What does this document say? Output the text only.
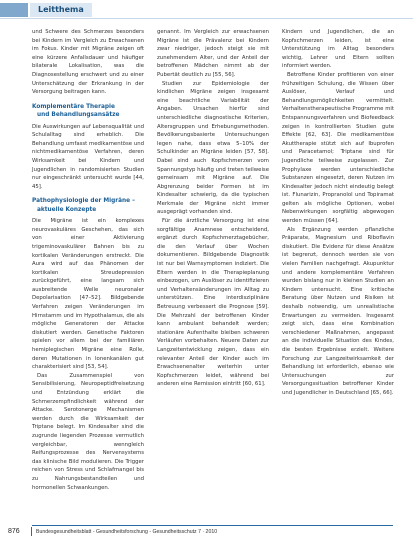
Leitthema

und Schwere des Schmerzes besonders bei Kindern im Vergleich zu Erwachsenen im Fokus. Kinder mit Migräne zeigen oft eine kürzere Anfallsdauer und häufiger bilaterale Lokalisation, was die Diagnosestellung erschwert und zu einer Unterschätzung der Erkrankung in der Versorgung beitragen kann.

Komplementäre Therapie

und Behandlungsansätze

Die Auswirkungen auf Lebensqualität und Schulalltag sind erheblich. Die Behandlung umfasst medikamentöse und nichtmedikamentöse Verfahren, deren Wirksamkeit bei Kindern und Jugendlichen in randomisierten Studien nur eingeschränkt untersucht wurde [44, 45].

Pathophysiologie der Migräne –

aktuelle Konzepte

Die Migräne ist ein komplexes neurovaskuläres Geschehen, das sich von einer Aktivierung trigeminovaskulärer Bahnen bis zu kortikalen Veränderungen erstreckt. Die Aura wird auf das Phänomen der kortikalen Streudepression zurückgeführt, eine langsam sich ausbreitende Welle neuronaler Depolarisation [47–52]. Bildgebende Verfahren zeigen Veränderungen im Hirnstamm und im Hypothalamus, die als mögliche Generatoren der Attacke diskutiert werden. Genetische Faktoren spielen vor allem bei der familiären hemiplegischen Migräne eine Rolle, deren Mutationen in Ionenkanälen gut charakterisiert sind [53, 54].

Das Zusammenspiel von Sensibilisierung, Neuropeptidfreisetzung und Entzündung erklärt die Schmerzempfindlichkeit während der Attacke. Serotonerge Mechanismen werden durch die Wirksamkeit der Triptane belegt. Im Kindesalter sind die zugrunde liegenden Prozesse vermutlich vergleichbar, wenngleich Reifungsprozesse des Nervensystems das klinische Bild modulieren. Die Trigger reichen von Stress und Schlafmangel bis zu Nahrungsbestandteilen und hormonellen Schwankungen.

genannt. Im Vergleich zur erwachsenen Migräne ist die Prävalenz bei Kindern zwar niedriger, jedoch steigt sie mit zunehmendem Alter, und der Anteil der betroffenen Mädchen nimmt ab der Pubertät deutlich zu [55, 56].

Studien zur Epidemiologie der kindlichen Migräne zeigen insgesamt eine beachtliche Variabilität der Angaben. Ursachen hierfür sind unterschiedliche diagnostische Kriterien, Altersgruppen und Erhebungsmethoden. Bevölkerungsbasierte Untersuchungen legen nahe, dass etwa 5–10% der Schulkinder an Migräne leiden [57, 58]. Dabei sind auch Kopfschmerzen vom Spannungstyp häufig und treten teilweise gemeinsam mit Migräne auf. Die Abgrenzung beider Formen ist im Kindesalter schwierig, da die typischen Merkmale der Migräne nicht immer ausgeprägt vorhanden sind.

Für die ärztliche Versorgung ist eine sorgfältige Anamnese entscheidend, ergänzt durch Kopfschmerztagebücher, die den Verlauf über Wochen dokumentieren. Bildgebende Diagnostik ist nur bei Warnsymptomen indiziert. Die Eltern werden in die Therapieplanung einbezogen, um Auslöser zu identifizieren und Verhaltensänderungen im Alltag zu unterstützen. Eine interdisziplinäre Betreuung verbessert die Prognose [59]. Die Mehrzahl der betroffenen Kinder kann ambulant behandelt werden; stationäre Aufenthalte bleiben schweren Verläufen vorbehalten. Neuere Daten zur Langzeitentwicklung zeigen, dass ein relevanter Anteil der Kinder auch im Erwachsenenalter weiterhin unter Kopfschmerzen leidet, während bei anderen eine Remission eintritt [60, 61].

Kindern und Jugendlichen, die an Kopfschmerzen leiden, ist eine Unterstützung im Alltag besonders wichtig, Lehrer und Eltern sollten informiert werden.

Betroffene Kinder profitieren von einer frühzeitigen Schulung, die Wissen über Auslöser, Verlauf und Behandlungsmöglichkeiten vermittelt. Verhaltenstherapeutische Programme mit Entspannungsverfahren und Biofeedback zeigen in kontrollierten Studien gute Effekte [62, 63]. Die medikamentöse Akuttherapie stützt sich auf Ibuprofen und Paracetamol; Triptane sind für Jugendliche teilweise zugelassen. Zur Prophylaxe werden unterschiedliche Substanzen eingesetzt, deren Nutzen im Kindesalter jedoch nicht eindeutig belegt ist. Flunarizin, Propranolol und Topiramat gelten als mögliche Optionen, wobei Nebenwirkungen sorgfältig abgewogen werden müssen [64].

Als Ergänzung werden pflanzliche Präparate, Magnesium und Riboflavin diskutiert. Die Evidenz für diese Ansätze ist begrenzt, dennoch werden sie von vielen Familien nachgefragt. Akupunktur und andere komplementäre Verfahren wurden bislang nur in kleinen Studien an Kindern untersucht. Eine kritische Beratung über Nutzen und Risiken ist deshalb notwendig, um unrealistische Erwartungen zu vermeiden. Insgesamt zeigt sich, dass eine Kombination verschiedener Maßnahmen, angepasst an die individuelle Situation des Kindes, die besten Ergebnisse erzielt. Weitere Forschung zur Langzeitwirksamkeit der Behandlung ist erforderlich, ebenso wie Untersuchungen zur Versorgungssituation betroffener Kinder und Jugendlicher in Deutschland [65, 66].

876	Bundesgesundheitsblatt - Gesundheitsforschung - Gesundheitsschutz 7 · 2010
